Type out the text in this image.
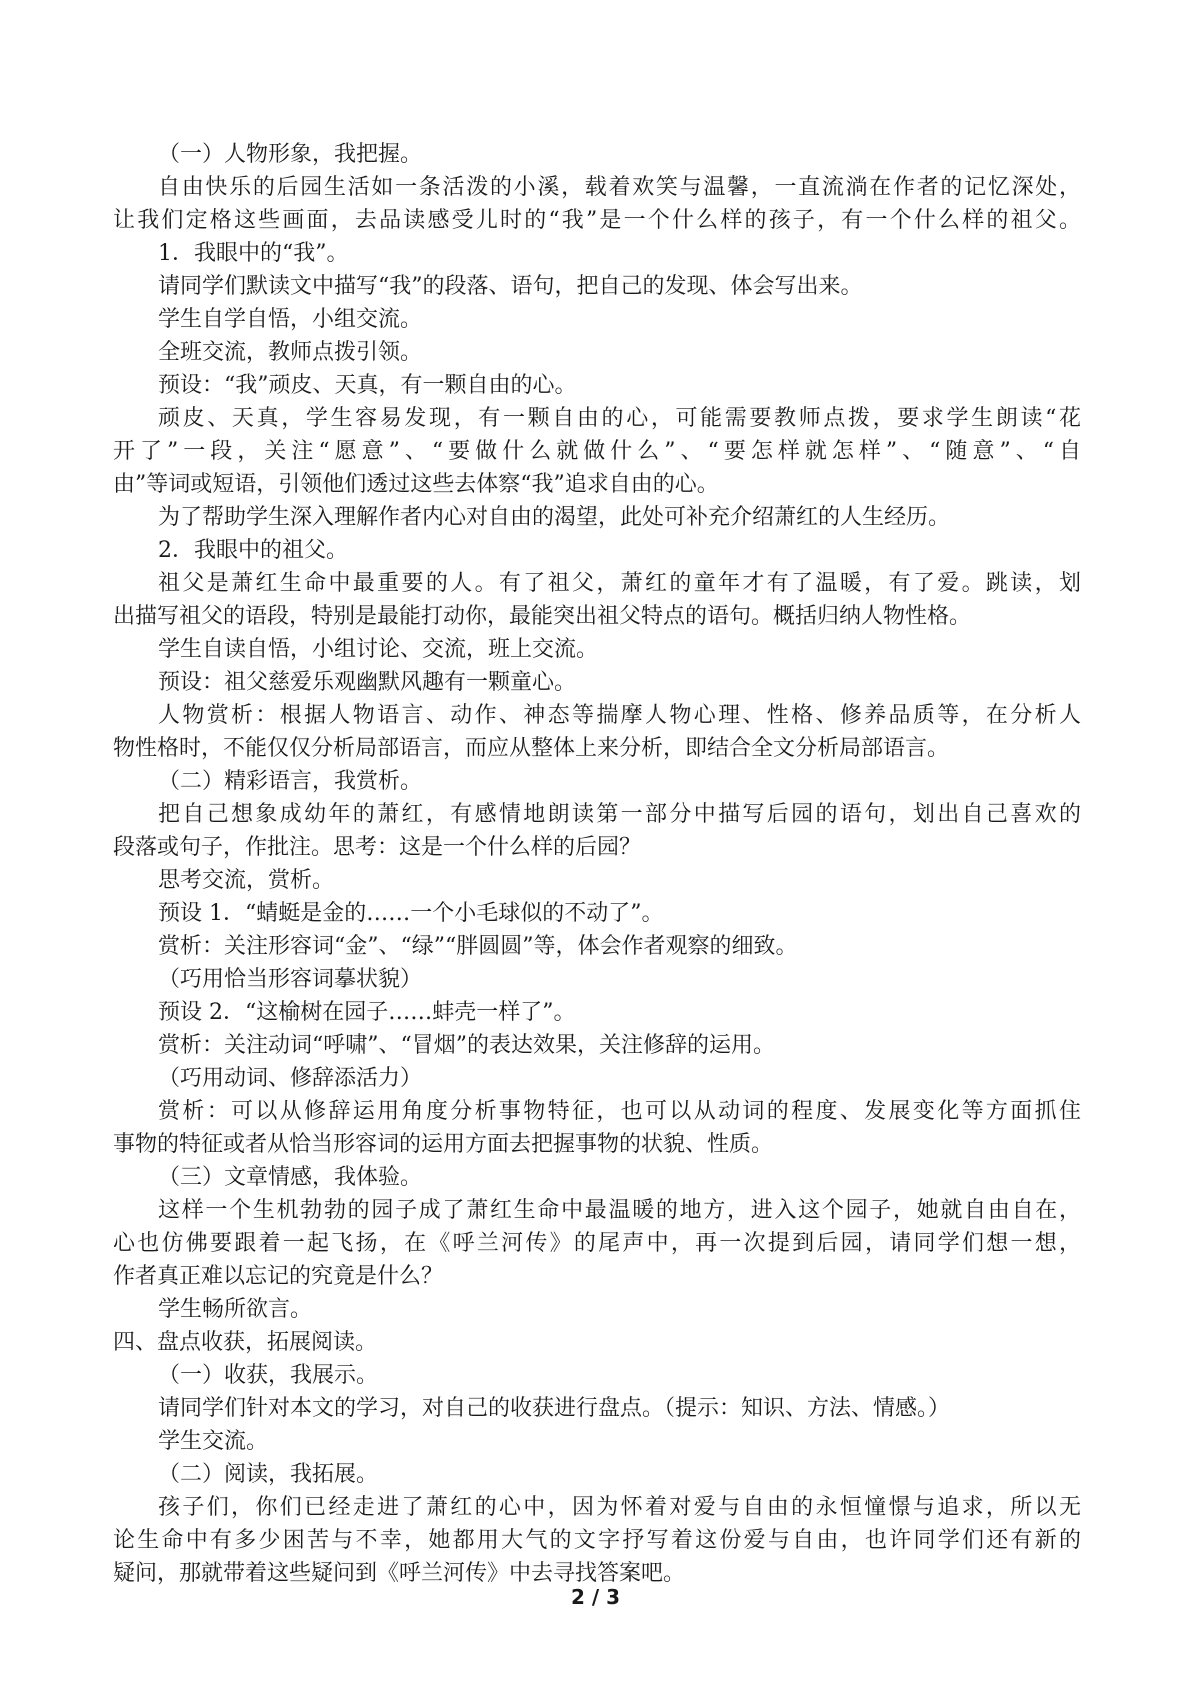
（一）人物形象，我把握。
自由快乐的后园生活如一条活泼的小溪，载着欢笑与温馨，一直流淌在作者的记忆深处，
让我们定格这些画面，去品读感受儿时的“我”是一个什么样的孩子，有一个什么样的祖父。
1．我眼中的“我”。
请同学们默读文中描写“我”的段落、语句，把自己的发现、体会写出来。
学生自学自悟，小组交流。
全班交流，教师点拨引领。
预设：“我”顽皮、天真，有一颗自由的心。
顽皮、天真，学生容易发现，有一颗自由的心，可能需要教师点拨，要求学生朗读“花
开了”一段，关注“愿意”、“要做什么就做什么”、“要怎样就怎样”、“随意”、“自
由”等词或短语，引领他们透过这些去体察“我”追求自由的心。
为了帮助学生深入理解作者内心对自由的渴望，此处可补充介绍萧红的人生经历。
2．我眼中的祖父。
祖父是萧红生命中最重要的人。有了祖父，萧红的童年才有了温暖，有了爱。跳读，划
出描写祖父的语段，特别是最能打动你，最能突出祖父特点的语句。概括归纳人物性格。
学生自读自悟，小组讨论、交流，班上交流。
预设：祖父慈爱乐观幽默风趣有一颗童心。
人物赏析：根据人物语言、动作、神态等揣摩人物心理、性格、修养品质等，在分析人
物性格时，不能仅仅分析局部语言，而应从整体上来分析，即结合全文分析局部语言。
（二）精彩语言，我赏析。
把自己想象成幼年的萧红，有感情地朗读第一部分中描写后园的语句，划出自己喜欢的
段落或句子，作批注。思考：这是一个什么样的后园？
思考交流，赏析。
预设 1．“蜻蜓是金的……一个小毛球似的不动了”。
赏析：关注形容词“金”、“绿”“胖圆圆”等，体会作者观察的细致。
（巧用恰当形容词摹状貌）
预设 2．“这榆树在园子……蚌壳一样了”。
赏析：关注动词“呼啸”、“冒烟”的表达效果，关注修辞的运用。
（巧用动词、修辞添活力）
赏析：可以从修辞运用角度分析事物特征，也可以从动词的程度、发展变化等方面抓住
事物的特征或者从恰当形容词的运用方面去把握事物的状貌、性质。
（三）文章情感，我体验。
这样一个生机勃勃的园子成了萧红生命中最温暖的地方，进入这个园子，她就自由自在，
心也仿佛要跟着一起飞扬，在《呼兰河传》的尾声中，再一次提到后园，请同学们想一想，
作者真正难以忘记的究竟是什么？
学生畅所欲言。
四、盘点收获，拓展阅读。
（一）收获，我展示。
请同学们针对本文的学习，对自己的收获进行盘点。（提示：知识、方法、情感。）
学生交流。
（二）阅读，我拓展。
孩子们，你们已经走进了萧红的心中，因为怀着对爱与自由的永恒憧憬与追求，所以无
论生命中有多少困苦与不幸，她都用大气的文字抒写着这份爱与自由，也许同学们还有新的
疑问，那就带着这些疑问到《呼兰河传》中去寻找答案吧。
2 / 3
